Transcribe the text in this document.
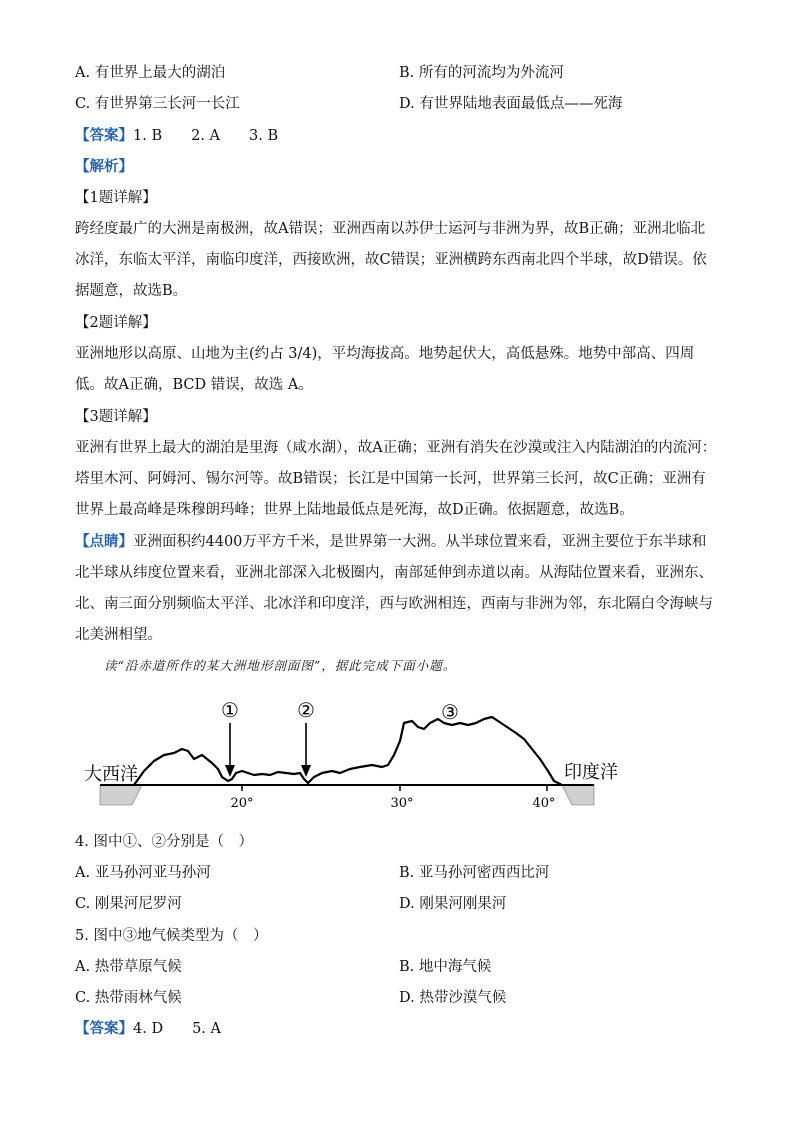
A. 有世界上最大的湖泊	B. 所有的河流均为外流河
C. 有世界第三长河一长江	D. 有世界陆地表面最低点——死海
【答案】1. B　　2. A　　3. B
【解析】
【1题详解】
跨经度最广的大洲是南极洲，故A错误；亚洲西南以苏伊士运河与非洲为界，故B正确；亚洲北临北冰洋，东临太平洋，南临印度洋，西接欧洲，故C错误；亚洲横跨东西南北四个半球，故D错误。依据题意，故选B。
【2题详解】
亚洲地形以高原、山地为主(约占 3/4)，平均海拔高。地势起伏大，高低悬殊。地势中部高、四周低。故A正确，BCD 错误，故选 A。
【3题详解】
亚洲有世界上最大的湖泊是里海（咸水湖），故A正确；亚洲有消失在沙漠或注入内陆湖泊的内流河：塔里木河、阿姆河、锡尔河等。故B错误；长江是中国第一长河，世界第三长河，故C正确；亚洲有世界上最高峰是珠穆朗玛峰；世界上陆地最低点是死海，故D正确。依据题意，故选B。
【点睛】亚洲面积约4400万平方千米，是世界第一大洲。从半球位置来看，亚洲主要位于东半球和北半球从纬度位置来看，亚洲北部深入北极圈内，南部延伸到赤道以南。从海陆位置来看，亚洲东、北、南三面分别频临太平洋、北冰洋和印度洋，西与欧洲相连，西南与非洲为邻，东北隔白令海峡与北美洲相望。
读“沿赤道所作的某大洲地形剖面图”，据此完成下面小题。
①	②	③
大西洋	印度洋
20°	30°	40°
4. 图中①、②分别是（　）
A. 亚马孙河亚马孙河	B. 亚马孙河密西西比河
C. 刚果河尼罗河	D. 刚果河刚果河
5. 图中③地气候类型为（　）
A. 热带草原气候	B. 地中海气候
C. 热带雨林气候	D. 热带沙漠气候
【答案】4. D　　5. A
